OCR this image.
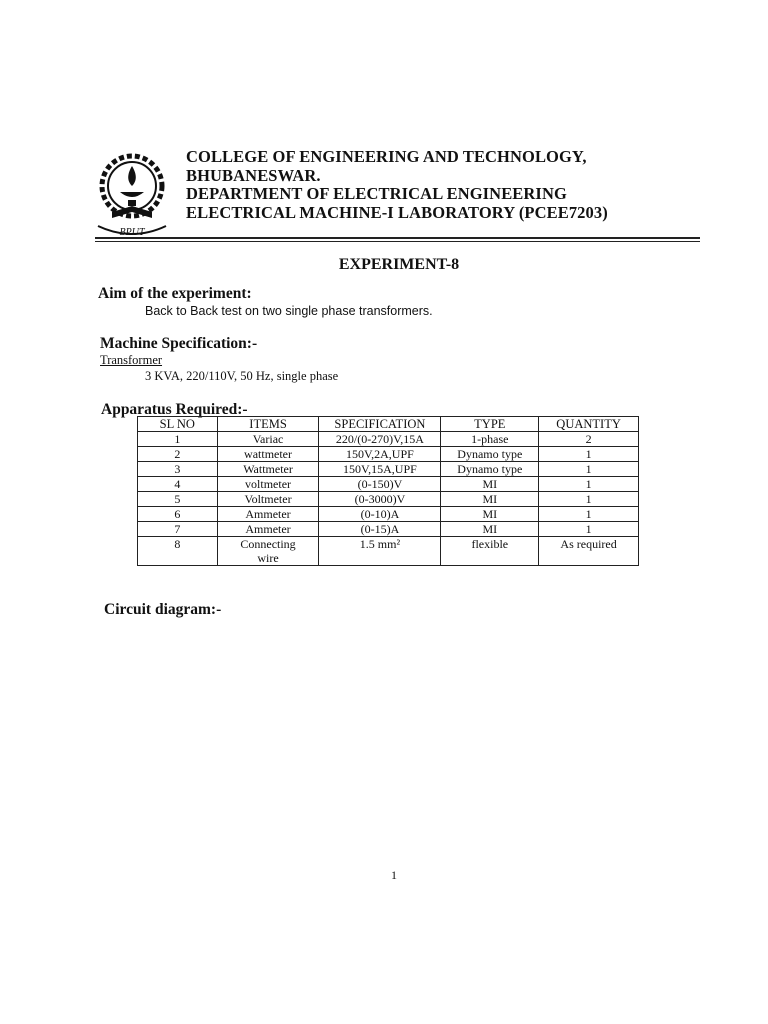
BPUT
COLLEGE OF ENGINEERING AND TECHNOLOGY,
BHUBANESWAR.
DEPARTMENT OF ELECTRICAL ENGINEERING
ELECTRICAL MACHINE-I LABORATORY (PCEE7203)
EXPERIMENT-8
Aim of the experiment:
Back to Back test on two single phase transformers.
Machine Specification:-
Transformer
3 KVA, 220/110V, 50 Hz, single phase
Apparatus Required:-
SL NO	ITEMS	SPECIFICATION	TYPE	QUANTITY
1	Variac	220/(0-270)V,15A	1-phase	2
2	wattmeter	150V,2A,UPF	Dynamo type	1
3	Wattmeter	150V,15A,UPF	Dynamo type	1
4	voltmeter	(0-150)V	MI	1
5	Voltmeter	(0-3000)V	MI	1
6	Ammeter	(0-10)A	MI	1
7	Ammeter	(0-15)A	MI	1
8	Connecting wire	1.5 mm²	flexible	As required
Circuit diagram:-
1
